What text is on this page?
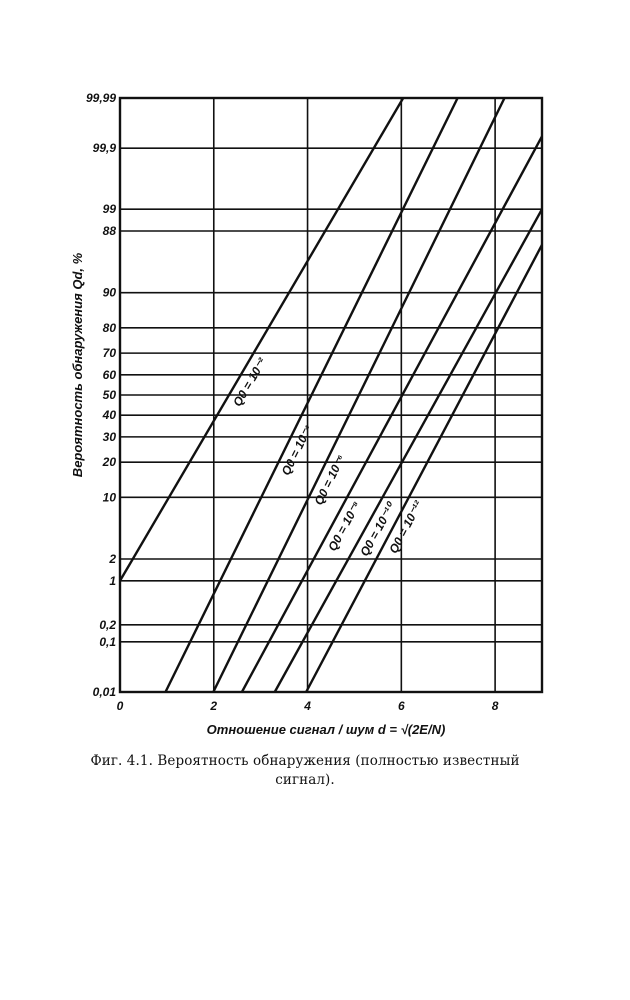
0	2	4	6	8
0,01
0,1
0,2
1
2
10
20
30
40
50
60
70
80
90
88
99
99,9
99,99
Q0 = 10⁻²
Q0 = 10⁻⁴
Q0 = 10⁻⁶
Q0 = 10⁻⁸
Q0 = 10⁻¹⁰
Q0 = 10⁻¹²
Отношение сигнал / шум d = √(2E/N)
Вероятность обнаружения Qd, %
Фиг. 4.1. Вероятность обнаружения (полностью известный сигнал).
